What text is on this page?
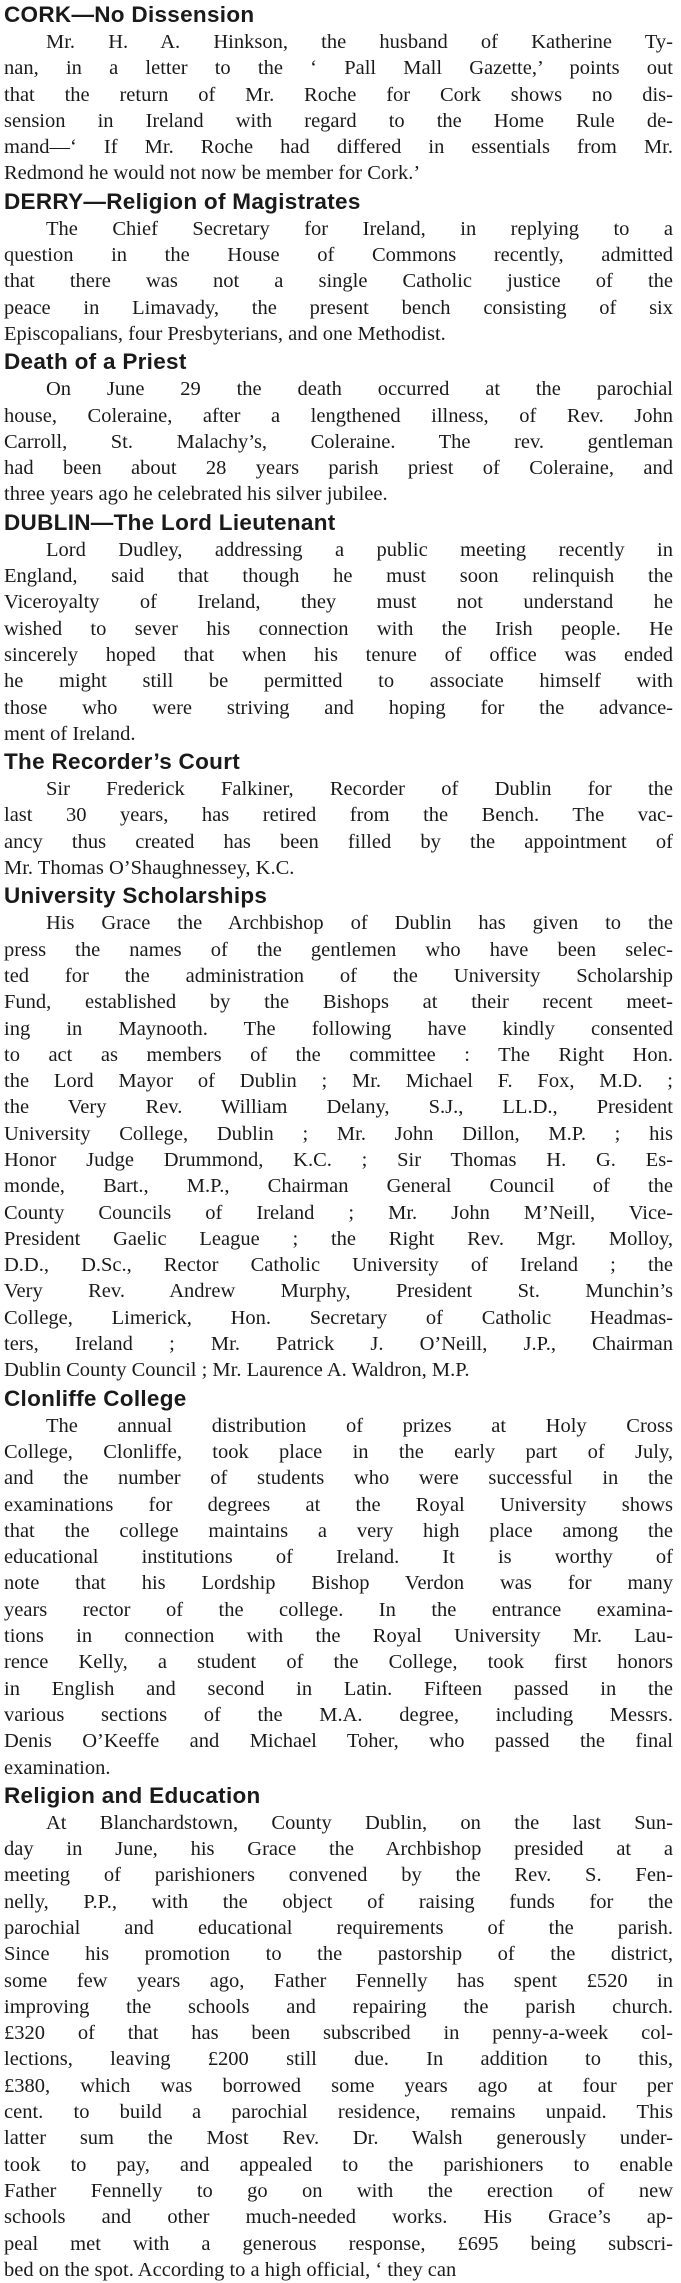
CORK—No Dissension
Mr. H. A. Hinkson, the husband of Katherine Ty-
nan, in a letter to the ‘ Pall Mall Gazette,’ points out
that the return of Mr. Roche for Cork shows no dis-
sension in Ireland with regard to the Home Rule de-
mand—‘ If Mr. Roche had differed in essentials from Mr.
Redmond he would not now be member for Cork.’
DERRY—Religion of Magistrates
The Chief Secretary for Ireland, in replying to a
question in the House of Commons recently, admitted
that there was not a single Catholic justice of the
peace in Limavady, the present bench consisting of six
Episcopalians, four Presbyterians, and one Methodist.
Death of a Priest
On June 29 the death occurred at the parochial
house, Coleraine, after a lengthened illness, of Rev. John
Carroll, St. Malachy’s, Coleraine. The rev. gentleman
had been about 28 years parish priest of Coleraine, and
three years ago he celebrated his silver jubilee.
DUBLIN—The Lord Lieutenant
Lord Dudley, addressing a public meeting recently in
England, said that though he must soon relinquish the
Viceroyalty of Ireland, they must not understand he
wished to sever his connection with the Irish people. He
sincerely hoped that when his tenure of office was ended
he might still be permitted to associate himself with
those who were striving and hoping for the advance-
ment of Ireland.
The Recorder’s Court
Sir Frederick Falkiner, Recorder of Dublin for the
last 30 years, has retired from the Bench. The vac-
ancy thus created has been filled by the appointment of
Mr. Thomas O’Shaughnessey, K.C.
University Scholarships
His Grace the Archbishop of Dublin has given to the
press the names of the gentlemen who have been selec-
ted for the administration of the University Scholarship
Fund, established by the Bishops at their recent meet-
ing in Maynooth. The following have kindly consented
to act as members of the committee : The Right Hon.
the Lord Mayor of Dublin ; Mr. Michael F. Fox, M.D. ;
the Very Rev. William Delany, S.J., LL.D., President
University College, Dublin ; Mr. John Dillon, M.P. ; his
Honor Judge Drummond, K.C. ; Sir Thomas H. G. Es-
monde, Bart., M.P., Chairman General Council of the
County Councils of Ireland ; Mr. John M’Neill, Vice-
President Gaelic League ; the Right Rev. Mgr. Molloy,
D.D., D.Sc., Rector Catholic University of Ireland ; the
Very Rev. Andrew Murphy, President St. Munchin’s
College, Limerick, Hon. Secretary of Catholic Headmas-
ters, Ireland ; Mr. Patrick J. O’Neill, J.P., Chairman
Dublin County Council ; Mr. Laurence A. Waldron, M.P.
Clonliffe College
The annual distribution of prizes at Holy Cross
College, Clonliffe, took place in the early part of July,
and the number of students who were successful in the
examinations for degrees at the Royal University shows
that the college maintains a very high place among the
educational institutions of Ireland. It is worthy of
note that his Lordship Bishop Verdon was for many
years rector of the college. In the entrance examina-
tions in connection with the Royal University Mr. Lau-
rence Kelly, a student of the College, took first honors
in English and second in Latin. Fifteen passed in the
various sections of the M.A. degree, including Messrs.
Denis O’Keeffe and Michael Toher, who passed the final
examination.
Religion and Education
At Blanchardstown, County Dublin, on the last Sun-
day in June, his Grace the Archbishop presided at a
meeting of parishioners convened by the Rev. S. Fen-
nelly, P.P., with the object of raising funds for the
parochial and educational requirements of the parish.
Since his promotion to the pastorship of the district,
some few years ago, Father Fennelly has spent £520 in
improving the schools and repairing the parish church.
£320 of that has been subscribed in penny-a-week col-
lections, leaving £200 still due. In addition to this,
£380, which was borrowed some years ago at four per
cent. to build a parochial residence, remains unpaid. This
latter sum the Most Rev. Dr. Walsh generously under-
took to pay, and appealed to the parishioners to enable
Father Fennelly to go on with the erection of new
schools and other much-needed works. His Grace’s ap-
peal met with a generous response, £695 being subscri-
bed on the spot. According to a high official, ‘ they can
